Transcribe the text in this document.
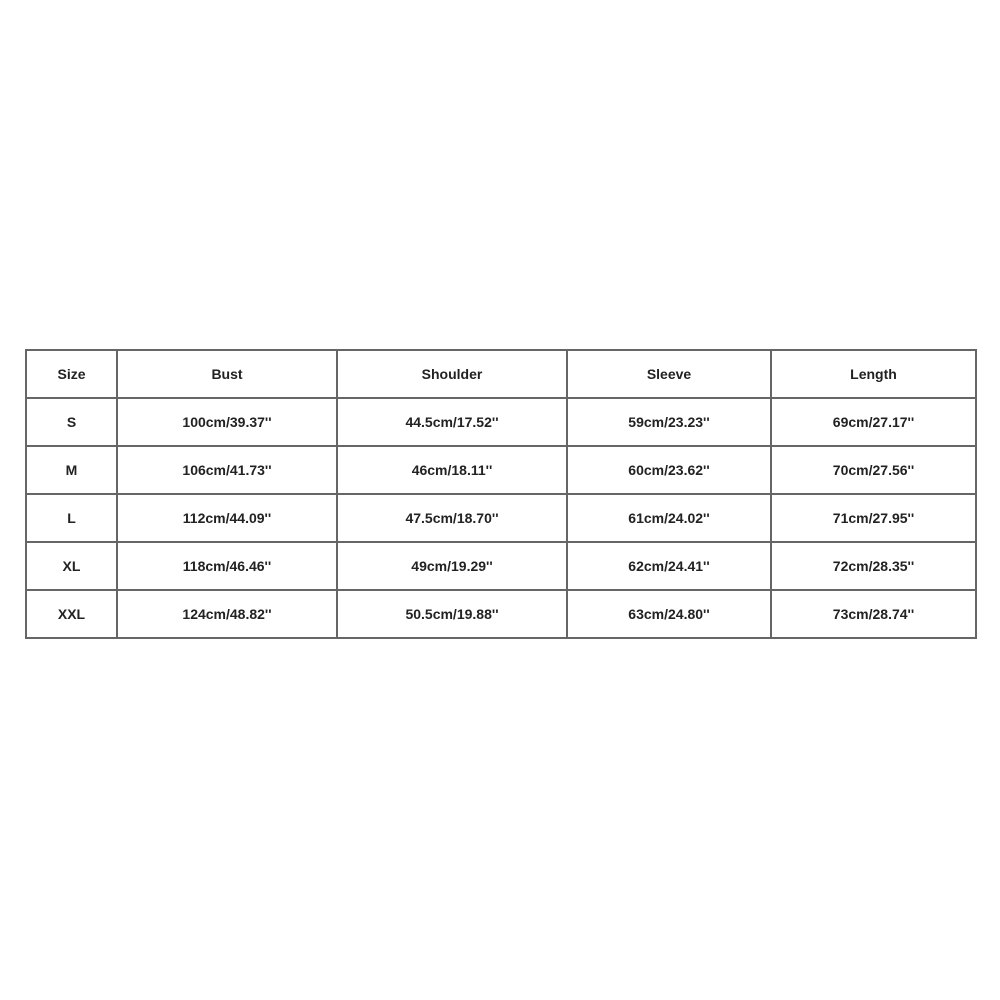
Size	Bust	Shoulder	Sleeve	Length
S	100cm/39.37''	44.5cm/17.52''	59cm/23.23''	69cm/27.17''
M	106cm/41.73''	46cm/18.11''	60cm/23.62''	70cm/27.56''
L	112cm/44.09''	47.5cm/18.70''	61cm/24.02''	71cm/27.95''
XL	118cm/46.46''	49cm/19.29''	62cm/24.41''	72cm/28.35''
XXL	124cm/48.82''	50.5cm/19.88''	63cm/24.80''	73cm/28.74''
